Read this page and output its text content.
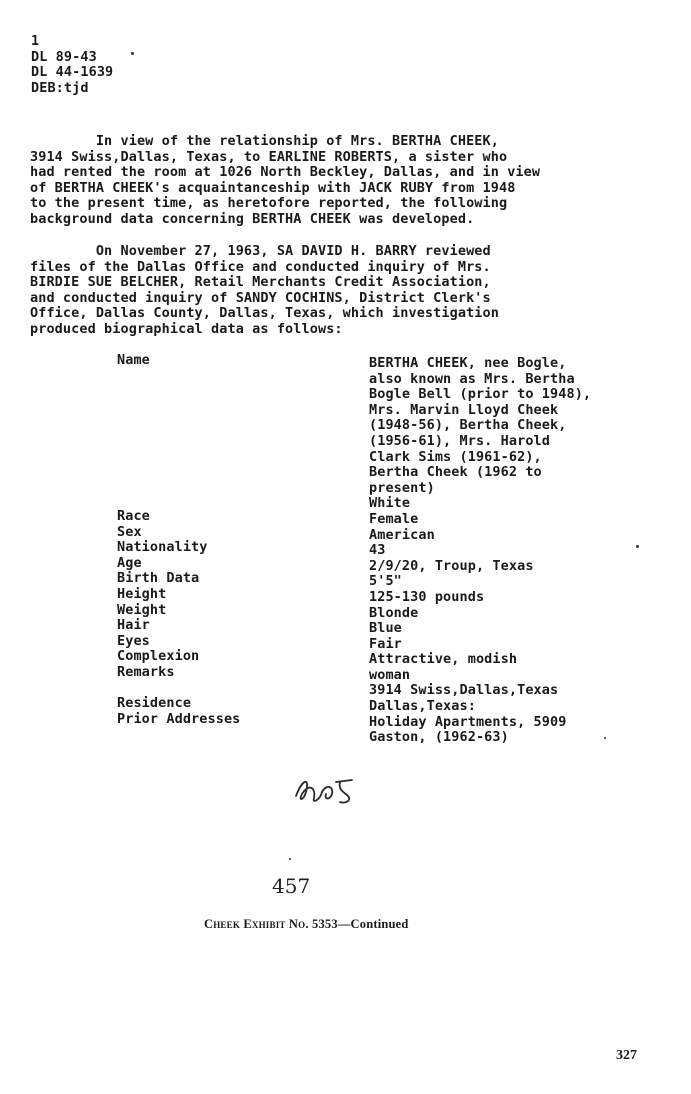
1
DL 89-43
DL 44-1639
DEB:tjd
In view of the relationship of Mrs. BERTHA CHEEK,
3914 Swiss,Dallas, Texas, to EARLINE ROBERTS, a sister who
had rented the room at 1026 North Beckley, Dallas, and in view
of BERTHA CHEEK's acquaintanceship with JACK RUBY from 1948
to the present time, as heretofore reported, the following
background data concerning BERTHA CHEEK was developed.
On November 27, 1963, SA DAVID H. BARRY reviewed
files of the Dallas Office and conducted inquiry of Mrs.
BIRDIE SUE BELCHER, Retail Merchants Credit Association,
and conducted inquiry of SANDY COCHINS, District Clerk's
Office, Dallas County, Dallas, Texas, which investigation
produced biographical data as follows:
Name
Race
Sex
Nationality
Age
Birth Data
Height
Weight
Hair
Eyes
Complexion
Remarks
Residence
Prior Addresses
BERTHA CHEEK, nee Bogle,
also known as Mrs. Bertha
Bogle Bell (prior to 1948),
Mrs. Marvin Lloyd Cheek
(1948-56), Bertha Cheek,
(1956-61), Mrs. Harold
Clark Sims (1961-62),
Bertha Cheek (1962 to
present)
White
Female
American
43
2/9/20, Troup, Texas
5'5"
125-130 pounds
Blonde
Blue
Fair
Attractive, modish
woman
3914 Swiss,Dallas,Texas
Dallas,Texas:
Holiday Apartments, 5909
Gaston, (1962-63)
457
Cheek Exhibit No. 5353—Continued
327
